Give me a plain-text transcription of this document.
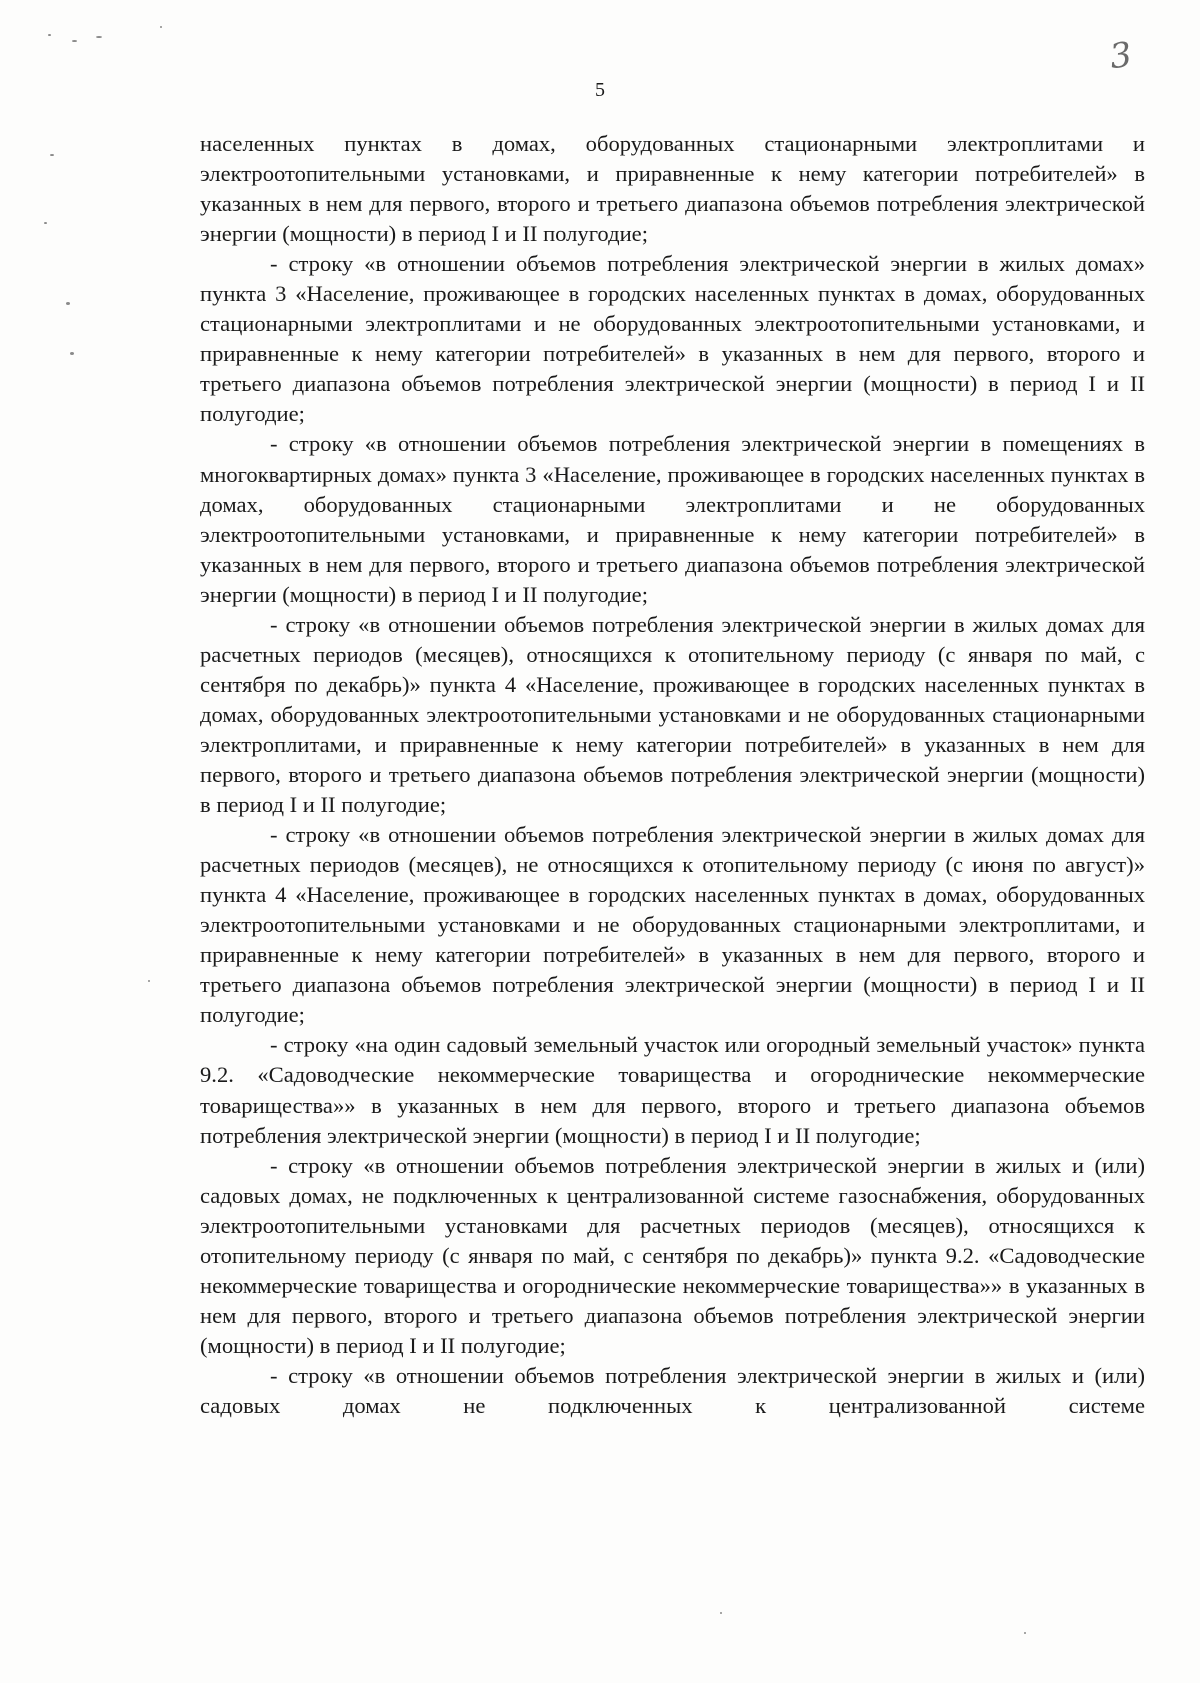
3
5

населенных пунктах в домах, оборудованных стационарными электроплитами и электроотопительными установками, и приравненные к нему категории потребителей» в указанных в нем для первого, второго и третьего диапазона объемов потребления электрической энергии (мощности) в период I и II полугодие;

- строку «в отношении объемов потребления электрической энергии в жилых домах» пункта 3 «Население, проживающее в городских населенных пунктах в домах, оборудованных стационарными электроплитами и не оборудованных электроотопительными установками, и приравненные к нему категории потребителей» в указанных в нем для первого, второго и третьего диапазона объемов потребления электрической энергии (мощности) в период I и II полугодие;

- строку «в отношении объемов потребления электрической энергии в помещениях в многоквартирных домах» пункта 3 «Население, проживающее в городских населенных пунктах в домах, оборудованных стационарными электроплитами и не оборудованных электроотопительными установками, и приравненные к нему категории потребителей» в указанных в нем для первого, второго и третьего диапазона объемов потребления электрической энергии (мощности) в период I и II полугодие;

- строку «в отношении объемов потребления электрической энергии в жилых домах для расчетных периодов (месяцев), относящихся к отопительному периоду (с января по май, с сентября по декабрь)» пункта 4 «Население, проживающее в городских населенных пунктах в домах, оборудованных электроотопительными установками и не оборудованных стационарными электроплитами, и приравненные к нему категории потребителей» в указанных в нем для первого, второго и третьего диапазона объемов потребления электрической энергии (мощности) в период I и II полугодие;

- строку «в отношении объемов потребления электрической энергии в жилых домах для расчетных периодов (месяцев), не относящихся к отопительному периоду (с июня по август)» пункта 4 «Население, проживающее в городских населенных пунктах в домах, оборудованных электроотопительными установками и не оборудованных стационарными электроплитами, и приравненные к нему категории потребителей» в указанных в нем для первого, второго и третьего диапазона объемов потребления электрической энергии (мощности) в период I и II полугодие;

- строку «на один садовый земельный участок или огородный земельный участок» пункта 9.2. «Садоводческие некоммерческие товарищества и огороднические некоммерческие товарищества»» в указанных в нем для первого, второго и третьего диапазона объемов потребления электрической энергии (мощности) в период I и II полугодие;

- строку «в отношении объемов потребления электрической энергии в жилых и (или) садовых домах, не подключенных к централизованной системе газоснабжения, оборудованных электроотопительными установками для расчетных периодов (месяцев), относящихся к отопительному периоду (с января по май, с сентября по декабрь)» пункта 9.2. «Садоводческие некоммерческие товарищества и огороднические некоммерческие товарищества»» в указанных в нем для первого, второго и третьего диапазона объемов потребления электрической энергии (мощности) в период I и II полугодие;

- строку «в отношении объемов потребления электрической энергии в жилых и (или) садовых домах не подключенных к централизованной системе
